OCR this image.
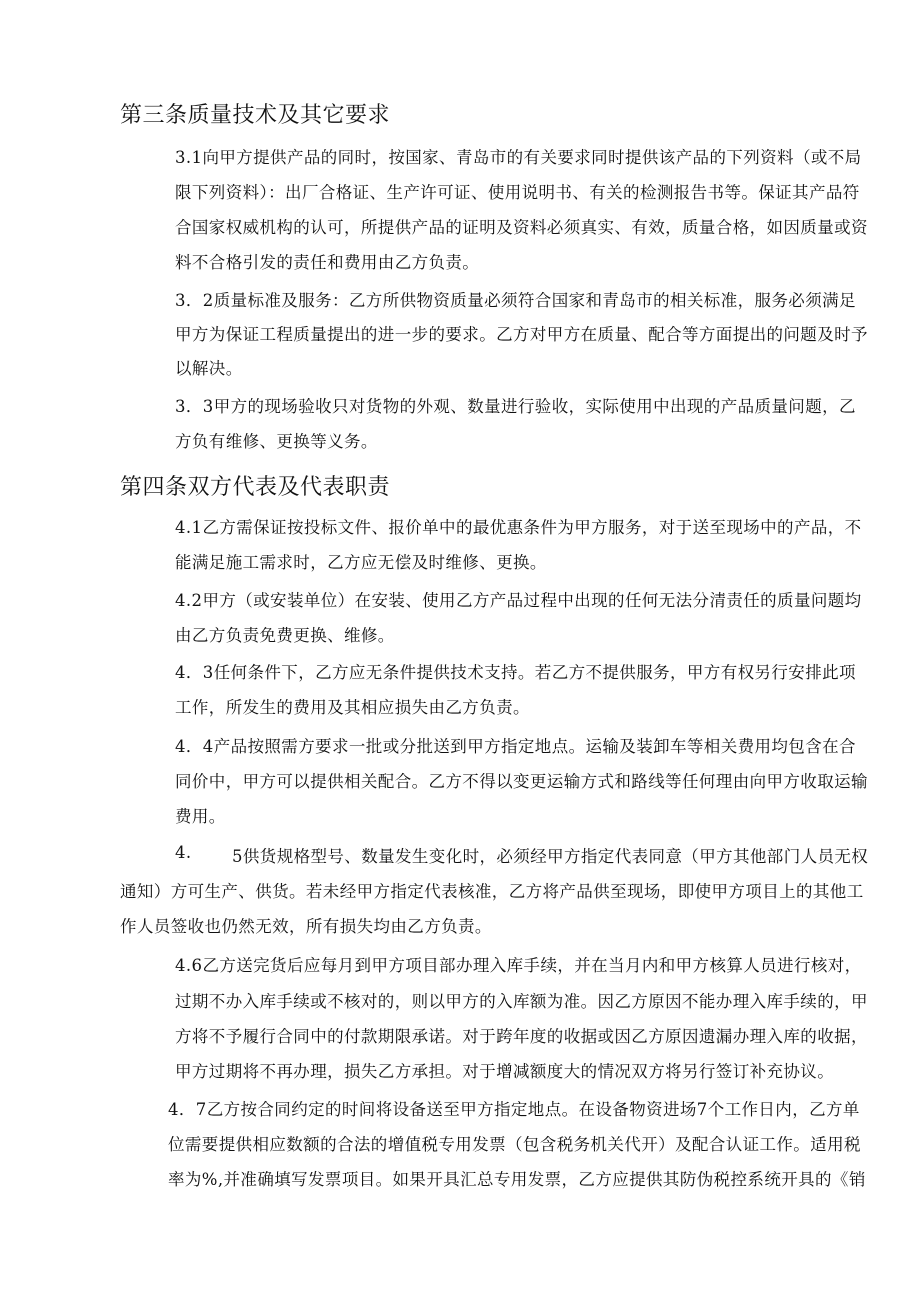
第三条质量技术及其它要求
3.1向甲方提供产品的同时，按国家、青岛市的有关要求同时提供该产品的下列资料（或不局
限下列资料）：出厂合格证、生产许可证、使用说明书、有关的检测报告书等。保证其产品符
合国家权威机构的认可，所提供产品的证明及资料必须真实、有效，质量合格，如因质量或资
料不合格引发的责任和费用由乙方负责。
3．2质量标准及服务：乙方所供物资质量必须符合国家和青岛市的相关标准，服务必须满足
甲方为保证工程质量提出的进一步的要求。乙方对甲方在质量、配合等方面提出的问题及时予
以解决。
3．3甲方的现场验收只对货物的外观、数量进行验收，实际使用中出现的产品质量问题，乙
方负有维修、更换等义务。
第四条双方代表及代表职责
4.1乙方需保证按投标文件、报价单中的最优惠条件为甲方服务，对于送至现场中的产品，不
能满足施工需求时，乙方应无偿及时维修、更换。
4.2甲方（或安装单位）在安装、使用乙方产品过程中出现的任何无法分清责任的质量问题均
由乙方负责免费更换、维修。
4．3任何条件下，乙方应无条件提供技术支持。若乙方不提供服务，甲方有权另行安排此项
工作，所发生的费用及其相应损失由乙方负责。
4．4产品按照需方要求一批或分批送到甲方指定地点。运输及装卸车等相关费用均包含在合
同价中，甲方可以提供相关配合。乙方不得以变更运输方式和路线等任何理由向甲方收取运输
费用。
4. 5供货规格型号、数量发生变化时，必须经甲方指定代表同意（甲方其他部门人员无权
通知）方可生产、供货。若未经甲方指定代表核准，乙方将产品供至现场，即使甲方项目上的其他工
作人员签收也仍然无效，所有损失均由乙方负责。
4.6乙方送完货后应每月到甲方项目部办理入库手续，并在当月内和甲方核算人员进行核对，
过期不办入库手续或不核对的，则以甲方的入库额为准。因乙方原因不能办理入库手续的，甲
方将不予履行合同中的付款期限承诺。对于跨年度的收据或因乙方原因遗漏办理入库的收据，
甲方过期将不再办理，损失乙方承担。对于增减额度大的情况双方将另行签订补充协议。
4．7乙方按合同约定的时间将设备送至甲方指定地点。在设备物资进场7个工作日内，乙方单
位需要提供相应数额的合法的增值税专用发票（包含税务机关代开）及配合认证工作。适用税
率为%,并准确填写发票项目。如果开具汇总专用发票，乙方应提供其防伪税控系统开具的《销
